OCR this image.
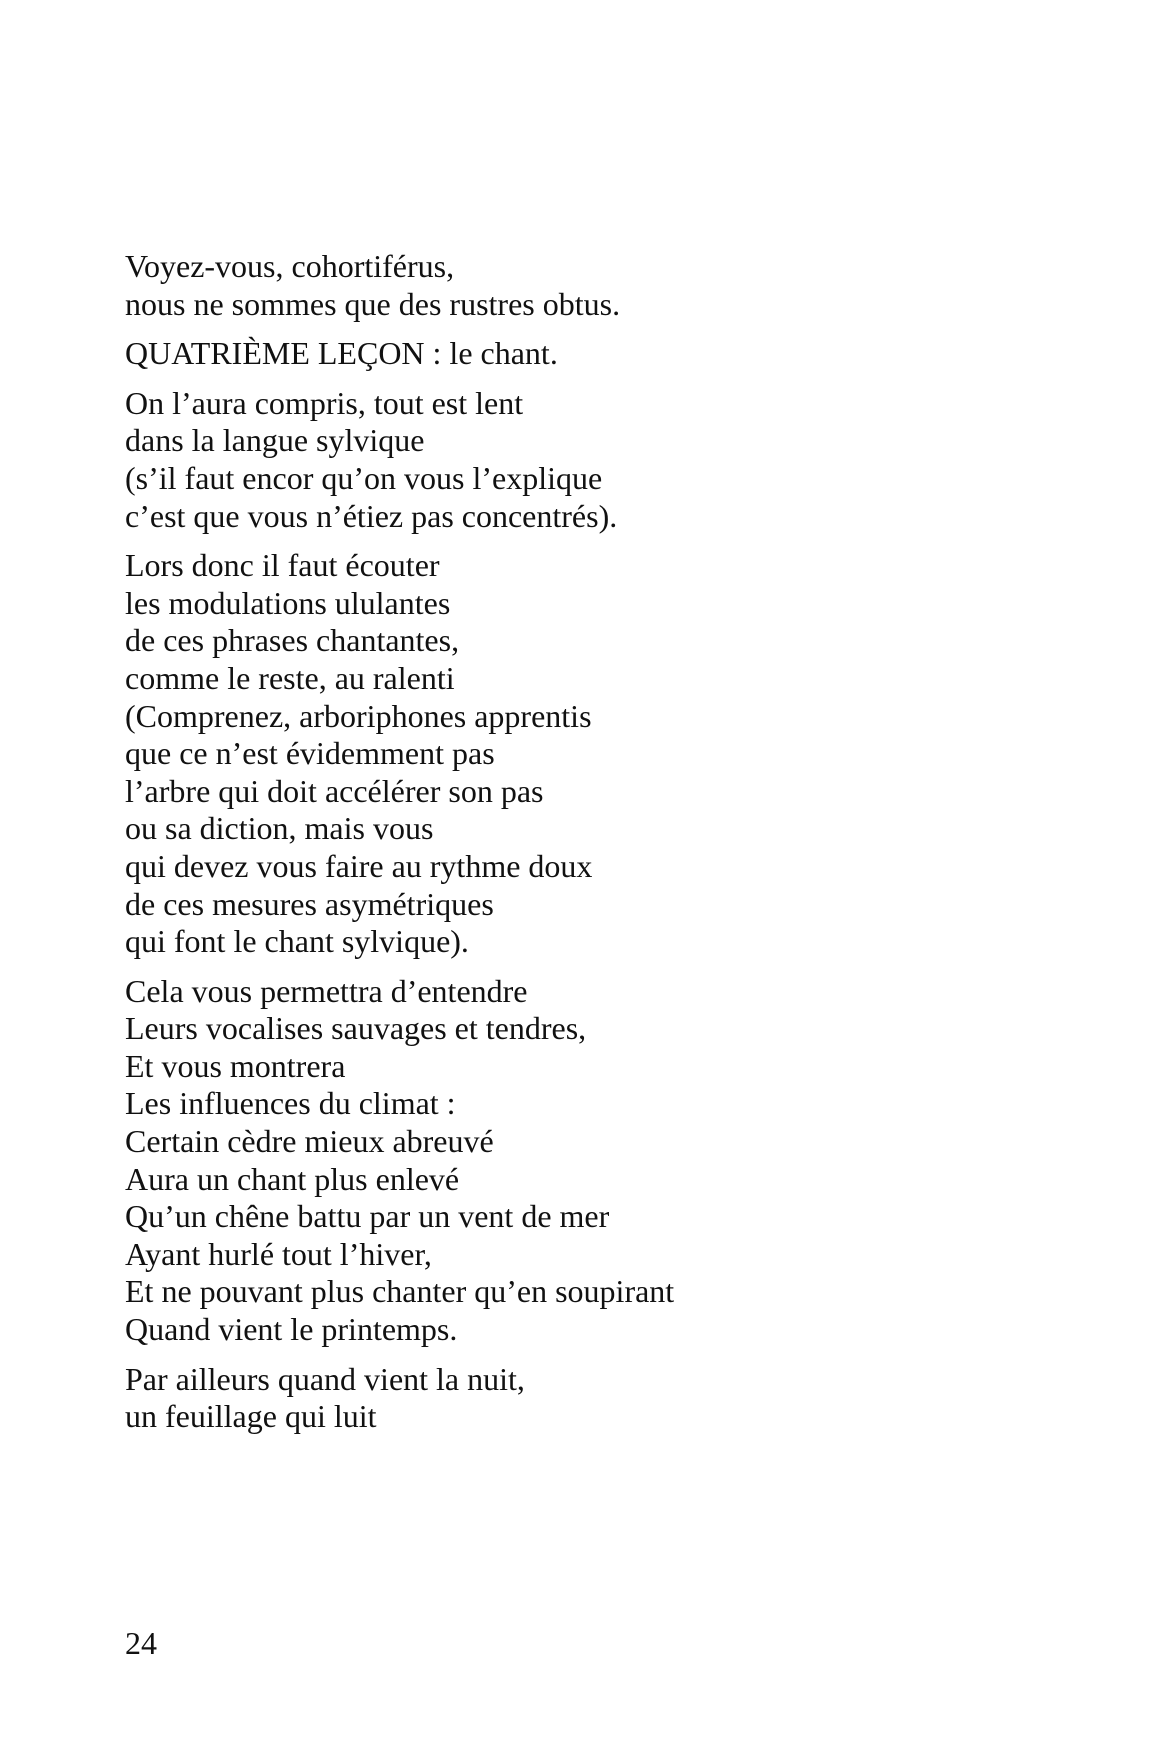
Voyez-vous, cohortiférus,
nous ne sommes que des rustres obtus.
QUATRIÈME LEÇON : le chant.
On l’aura compris, tout est lent
dans la langue sylvique
(s’il faut encor qu’on vous l’explique
c’est que vous n’étiez pas concentrés).
Lors donc il faut écouter
les modulations ululantes
de ces phrases chantantes,
comme le reste, au ralenti
(Comprenez, arboriphones apprentis
que ce n’est évidemment pas
l’arbre qui doit accélérer son pas
ou sa diction, mais vous
qui devez vous faire au rythme doux
de ces mesures asymétriques
qui font le chant sylvique).
Cela vous permettra d’entendre
Leurs vocalises sauvages et tendres,
Et vous montrera
Les influences du climat :
Certain cèdre mieux abreuvé
Aura un chant plus enlevé
Qu’un chêne battu par un vent de mer
Ayant hurlé tout l’hiver,
Et ne pouvant plus chanter qu’en soupirant
Quand vient le printemps.
Par ailleurs quand vient la nuit,
un feuillage qui luit
24
